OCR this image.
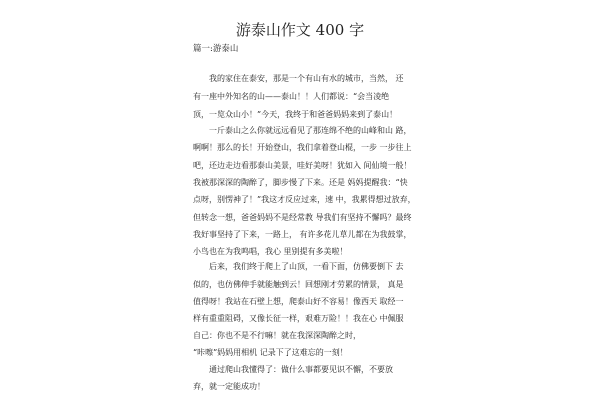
游泰山作文 400 字
篇一:游泰山
我的家住在泰安，那是一个有山有水的城市，当然， 还
有一座中外知名的山——泰山！！人们都说：“会当凌绝
顶，一览众山小！”今天，我终于和爸爸妈妈来到了泰山！
一斤泰山之么你就远远看见了那连绵不绝的山峰和山 路，
啊啊！那么的长！开始登山，我们拿着登山棍，一步 一步往上
吧，还边走边看那泰山美景，哇好美呀！犹如入 间仙境一般！
我被那深深的陶醉了，脚步慢了下来。还是 妈妈提醒我：“快
点呀，别愣神了！”我这才反应过来，速 中，我累得想过放弃，
但转念一想，爸爸妈妈不是经常教 导我们有坚持不懈吗？最终
我好事坚持了下来，一路上， 有许多花儿草儿都在为我鼓掌，
小鸟也在为我鸣唱，我心 里别提有多美啦！
后来，我们终于爬上了山顶，一看下面，仿佛要倒下 去
似的，也仿佛伸手就能触到云！回想刚才劳累的情景， 真是
值得呀！我站在石壁上想，爬泰山好不容易！像西天 取经一
样有重重阻碍，又像长征一样，艰难万险！！我在心 中佩服
自己：你也不是不行嘛！就在我深深陶醉之时，
“咔嚓”妈妈用相机 记录下了这难忘的一刻！
通过爬山我懂得了：做什么事都要见识不懈，不要放
弃，就一定能成功！
